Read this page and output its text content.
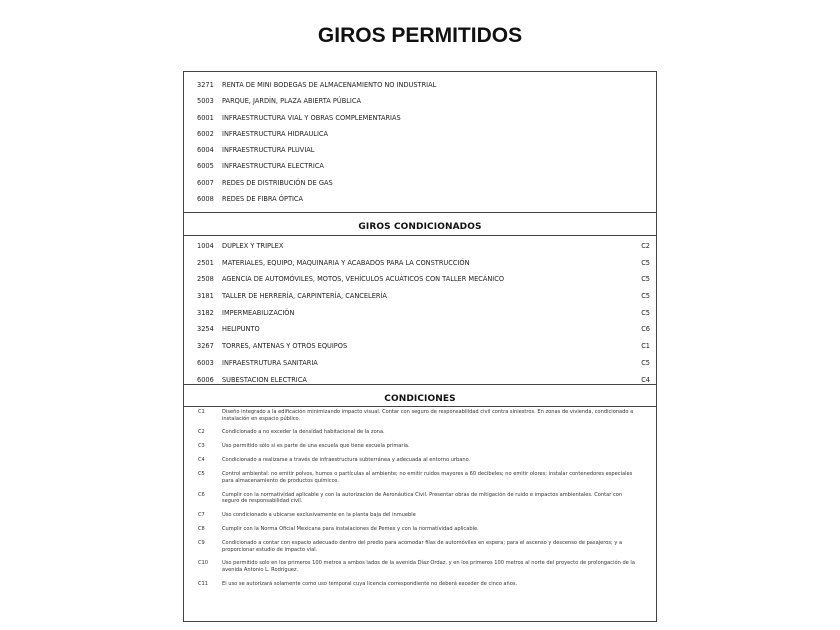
GIROS PERMITIDOS
3271 RENTA DE MINI BODEGAS DE ALMACENAMIENTO NO INDUSTRIAL
5003 PARQUE, JARDÍN, PLAZA ABIERTA PÚBLICA
6001 INFRAESTRUCTURA VIAL Y OBRAS COMPLEMENTARIAS
6002 INFRAESTRUCTURA HIDRAULICA
6004 INFRAESTRUCTURA PLUVIAL
6005 INFRAESTRUCTURA ELECTRICA
6007 REDES DE DISTRIBUCIÓN DE GAS
6008 REDES DE FIBRA ÓPTICA
GIROS CONDICIONADOS
1004 DUPLEX Y TRIPLEX	C2
2501 MATERIALES, EQUIPO, MAQUINARIA Y ACABADOS PARA LA CONSTRUCCIÓN	C5
2508 AGENCIA DE AUTOMÓVILES, MOTOS, VEHÍCULOS ACUÁTICOS CON TALLER MECÁNICO	C5
3181 TALLER DE HERRERÍA, CARPINTERÍA, CANCELERÍA	C5
3182 IMPERMEABILIZACIÓN	C5
3254 HELIPUNTO	C6
3267 TORRES, ANTENAS Y OTROS EQUIPOS	C1
6003 INFRAESTRUTURA SANITARIA	C5
6006 SUBESTACION ELECTRICA	C4
CONDICIONES
C1	Diseño integrado a la edificación minimizando impacto visual. Contar con seguro de responsabilidad civil contra siniestros. En zonas de vivienda, condicionado a instalación en espacio público.
C2	Condicionado a no exceder la densidad habitacional de la zona.
C3	Uso permitido sólo si es parte de una escuela que tiene escuela primaria.
C4	Condicionado a realizarse a través de infraestructura subterránea y adecuada al entorno urbano.
C5	Control ambiental: no emitir polvos, humos o partículas al ambiente; no emitir ruidos mayores a 60 decibeles; no emitir olores; instalar contenedores especiales para almacenamiento de productos químicos.
C6	Cumplir con la normatividad aplicable y con la autorización de Aeronáutica Civil. Presentar obras de mitigación de ruido e impactos ambientales. Contar con seguro de responsabilidad civil.
C7	Uso condicionado a ubicarse exclusivamente en la planta baja del inmueble
C8	Cumplir con la Norma Oficial Mexicana para instalaciones de Pemex y con la normatividad aplicable.
C9	Condicionado a contar con espacio adecuado dentro del predio para acomodar filas de automóviles en espera; para el ascenso y descenso de pasajeros; y a proporcionar estudio de impacto vial.
C10	Uso permitido solo en los primeros 100 metros a ambos lados de la avenida Díaz Ordaz, y en los primeros 100 metros al norte del proyecto de prolongación de la avenida Antonio L. Rodríguez.
C11	El uso se autorizará solamente como uso temporal cuya licencia correspondiente no deberá exceder de cinco años.
